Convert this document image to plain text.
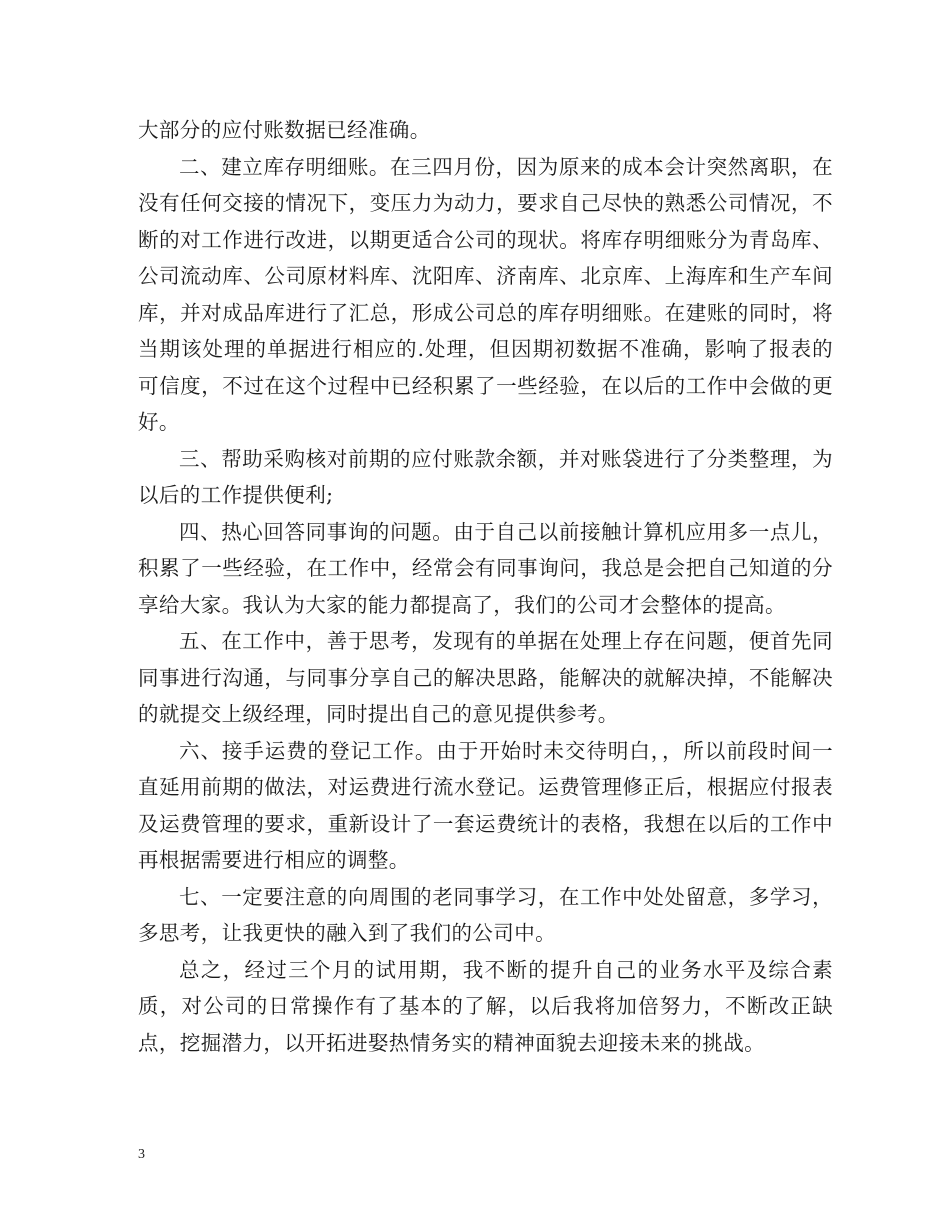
大部分的应付账数据已经准确。

二、建立库存明细账。在三四月份，因为原来的成本会计突然离职，在没有任何交接的情况下，变压力为动力，要求自己尽快的熟悉公司情况，不断的对工作进行改进，以期更适合公司的现状。将库存明细账分为青岛库、公司流动库、公司原材料库、沈阳库、济南库、北京库、上海库和生产车间库，并对成品库进行了汇总，形成公司总的库存明细账。在建账的同时，将当期该处理的单据进行相应的.处理，但因期初数据不准确，影响了报表的可信度，不过在这个过程中已经积累了一些经验，在以后的工作中会做的更好。

三、帮助采购核对前期的应付账款余额，并对账袋进行了分类整理，为以后的工作提供便利;

四、热心回答同事询的问题。由于自己以前接触计算机应用多一点儿，积累了一些经验，在工作中，经常会有同事询问，我总是会把自己知道的分享给大家。我认为大家的能力都提高了，我们的公司才会整体的提高。

五、在工作中，善于思考，发现有的单据在处理上存在问题，便首先同同事进行沟通，与同事分享自己的解决思路，能解决的就解决掉，不能解决的就提交上级经理，同时提出自己的意见提供参考。

六、接手运费的登记工作。由于开始时未交待明白，，所以前段时间一直延用前期的做法，对运费进行流水登记。运费管理修正后，根据应付报表及运费管理的要求，重新设计了一套运费统计的表格，我想在以后的工作中再根据需要进行相应的调整。

七、一定要注意的向周围的老同事学习，在工作中处处留意，多学习，多思考，让我更快的融入到了我们的公司中。

总之，经过三个月的试用期，我不断的提升自己的业务水平及综合素质，对公司的日常操作有了基本的了解，以后我将加倍努力，不断改正缺点，挖掘潜力，以开拓进娶热情务实的精神面貌去迎接未来的挑战。

3
